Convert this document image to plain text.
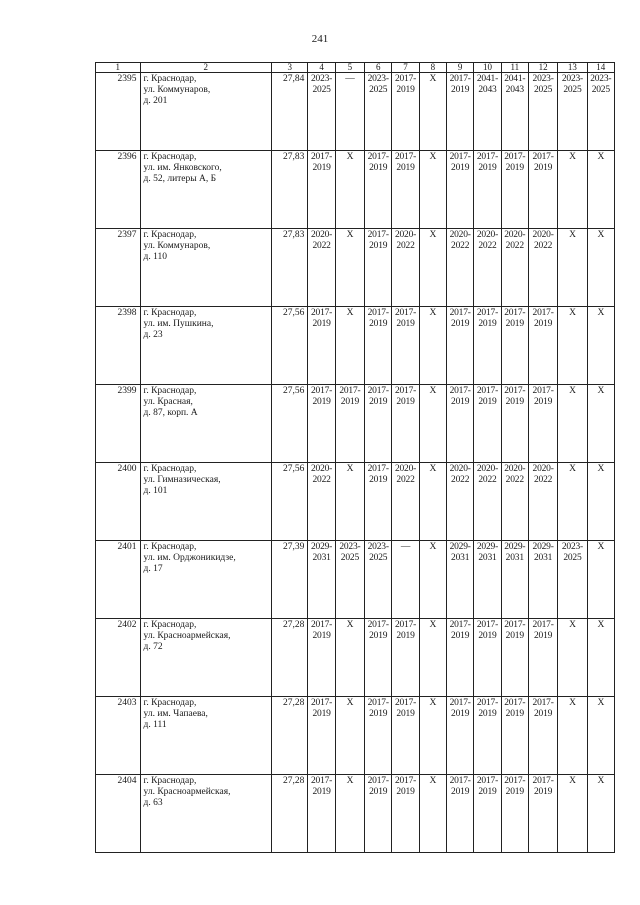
241
1	2	3	4	5	6	7	8	9	10	11	12	13	14
2395	г. Краснодар,
ул. Коммунаров,
д. 201	27,84	2023-
2025	—	2023-
2025	2017-
2019	Х	2017-
2019	2041-
2043	2041-
2043	2023-
2025	2023-
2025	2023-
2025

2396	г. Краснодар,
ул. им. Янковского,
д. 52, литеры А, Б	27,83	2017-
2019	Х	2017-
2019	2017-
2019	Х	2017-
2019	2017-
2019	2017-
2019	2017-
2019	Х	Х

2397	г. Краснодар,
ул. Коммунаров,
д. 110	27,83	2020-
2022	Х	2017-
2019	2020-
2022	Х	2020-
2022	2020-
2022	2020-
2022	2020-
2022	Х	Х

2398	г. Краснодар,
ул. им. Пушкина,
д. 23	27,56	2017-
2019	Х	2017-
2019	2017-
2019	Х	2017-
2019	2017-
2019	2017-
2019	2017-
2019	Х	Х

2399	г. Краснодар,
ул. Красная,
д. 87, корп. А	27,56	2017-
2019	2017-
2019	2017-
2019	2017-
2019	Х	2017-
2019	2017-
2019	2017-
2019	2017-
2019	Х	Х

2400	г. Краснодар,
ул. Гимназическая,
д. 101	27,56	2020-
2022	Х	2017-
2019	2020-
2022	Х	2020-
2022	2020-
2022	2020-
2022	2020-
2022	Х	Х

2401	г. Краснодар,
ул. им. Орджоникидзе,
д. 17	27,39	2029-
2031	2023-
2025	2023-
2025	—	Х	2029-
2031	2029-
2031	2029-
2031	2029-
2031	2023-
2025	Х

2402	г. Краснодар,
ул. Красноармейская,
д. 72	27,28	2017-
2019	Х	2017-
2019	2017-
2019	Х	2017-
2019	2017-
2019	2017-
2019	2017-
2019	Х	Х

2403	г. Краснодар,
ул. им. Чапаева,
д. 111	27,28	2017-
2019	Х	2017-
2019	2017-
2019	Х	2017-
2019	2017-
2019	2017-
2019	2017-
2019	Х	Х

2404	г. Краснодар,
ул. Красноармейская,
д. 63	27,28	2017-
2019	Х	2017-
2019	2017-
2019	Х	2017-
2019	2017-
2019	2017-
2019	2017-
2019	Х	Х
